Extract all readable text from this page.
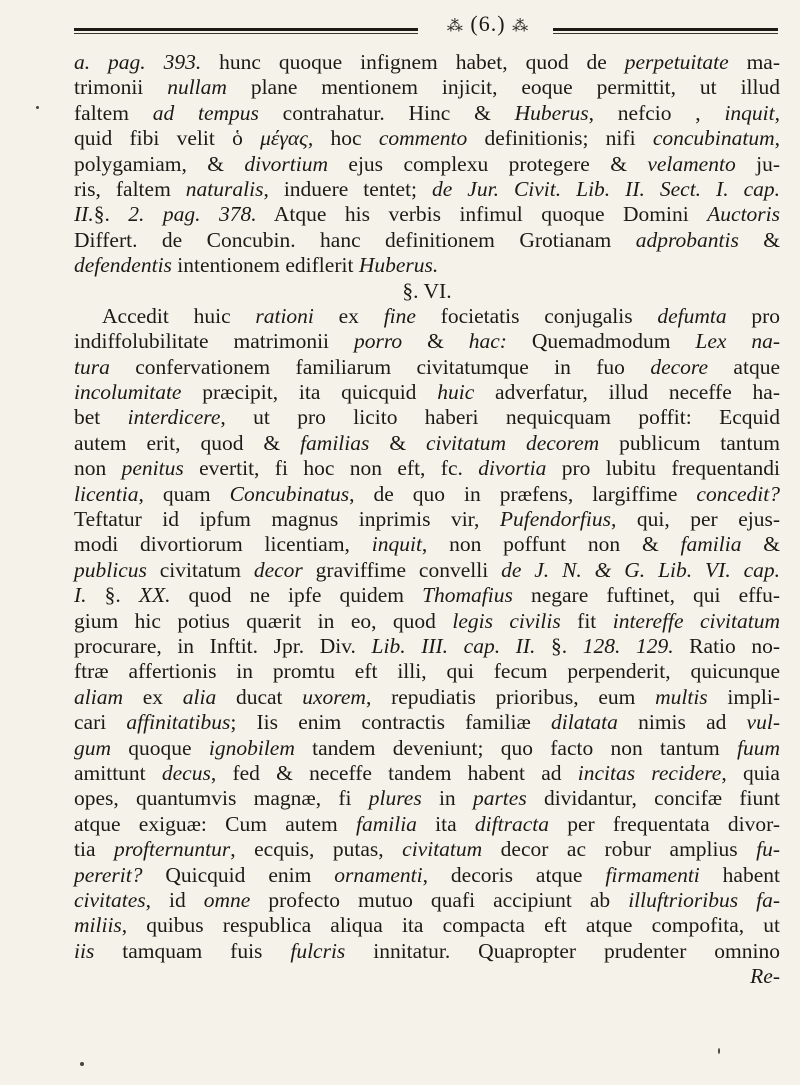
⁂ (6.) ⁂
a. pag. 393. hunc quoque infignem habet, quod de perpetuitate ma-
trimonii nullam plane mentionem injicit, eoque permittit, ut illud
faltem ad tempus contrahatur. Hinc & Huberus, nefcio , inquit,
quid fibi velit ὁ μέγας, hoc commento definitionis; nifi concubinatum,
polygamiam, & divortium ejus complexu protegere & velamento ju-
ris, faltem naturalis, induere tentet; de Jur. Civit. Lib. II. Sect. I. cap.
II.§. 2. pag. 378. Atque his verbis infimul quoque Domini Auctoris
Differt. de Concubin. hanc definitionem Grotianam adprobantis &
defendentis intentionem ediflerit Huberus.
§. VI.
Accedit huic rationi ex fine focietatis conjugalis defumta pro
indiffolubilitate matrimonii porro & hac: Quemadmodum Lex na-
tura confervationem familiarum civitatumque in fuo decore atque
incolumitate præcipit, ita quicquid huic adverfatur, illud neceffe ha-
bet interdicere, ut pro licito haberi nequicquam poffit: Ecquid
autem erit, quod & familias & civitatum decorem publicum tantum
non penitus evertit, fi hoc non eft, fc. divortia pro lubitu frequentandi
licentia, quam Concubinatus, de quo in præfens, largiffime concedit?
Teftatur id ipfum magnus inprimis vir, Pufendorfius, qui, per ejus-
modi divortiorum licentiam, inquit, non poffunt non & familia &
publicus civitatum decor graviffime convelli de J. N. & G. Lib. VI. cap.
I. §. XX. quod ne ipfe quidem Thomafius negare fuftinet, qui effu-
gium hic potius quærit in eo, quod legis civilis fit intereffe civitatum
procurare, in Inftit. Jpr. Div. Lib. III. cap. II. §. 128. 129. Ratio no-
ftræ affertionis in promtu eft illi, qui fecum perpenderit, quicunque
aliam ex alia ducat uxorem, repudiatis prioribus, eum multis impli-
cari affinitatibus; Iis enim contractis familiæ dilatata nimis ad vul-
gum quoque ignobilem tandem deveniunt; quo facto non tantum fuum
amittunt decus, fed & neceffe tandem habent ad incitas recidere, quia
opes, quantumvis magnæ, fi plures in partes dividantur, concifæ fiunt
atque exiguæ: Cum autem familia ita diftracta per frequentata divor-
tia profternuntur, ecquis, putas, civitatum decor ac robur amplius fu-
pererit? Quicquid enim ornamenti, decoris atque firmamenti habent
civitates, id omne profecto mutuo quafi accipiunt ab illuftrioribus fa-
miliis, quibus respublica aliqua ita compacta eft atque compofita, ut
iis tamquam fuis fulcris innitatur. Quapropter prudenter omnino
Re-
